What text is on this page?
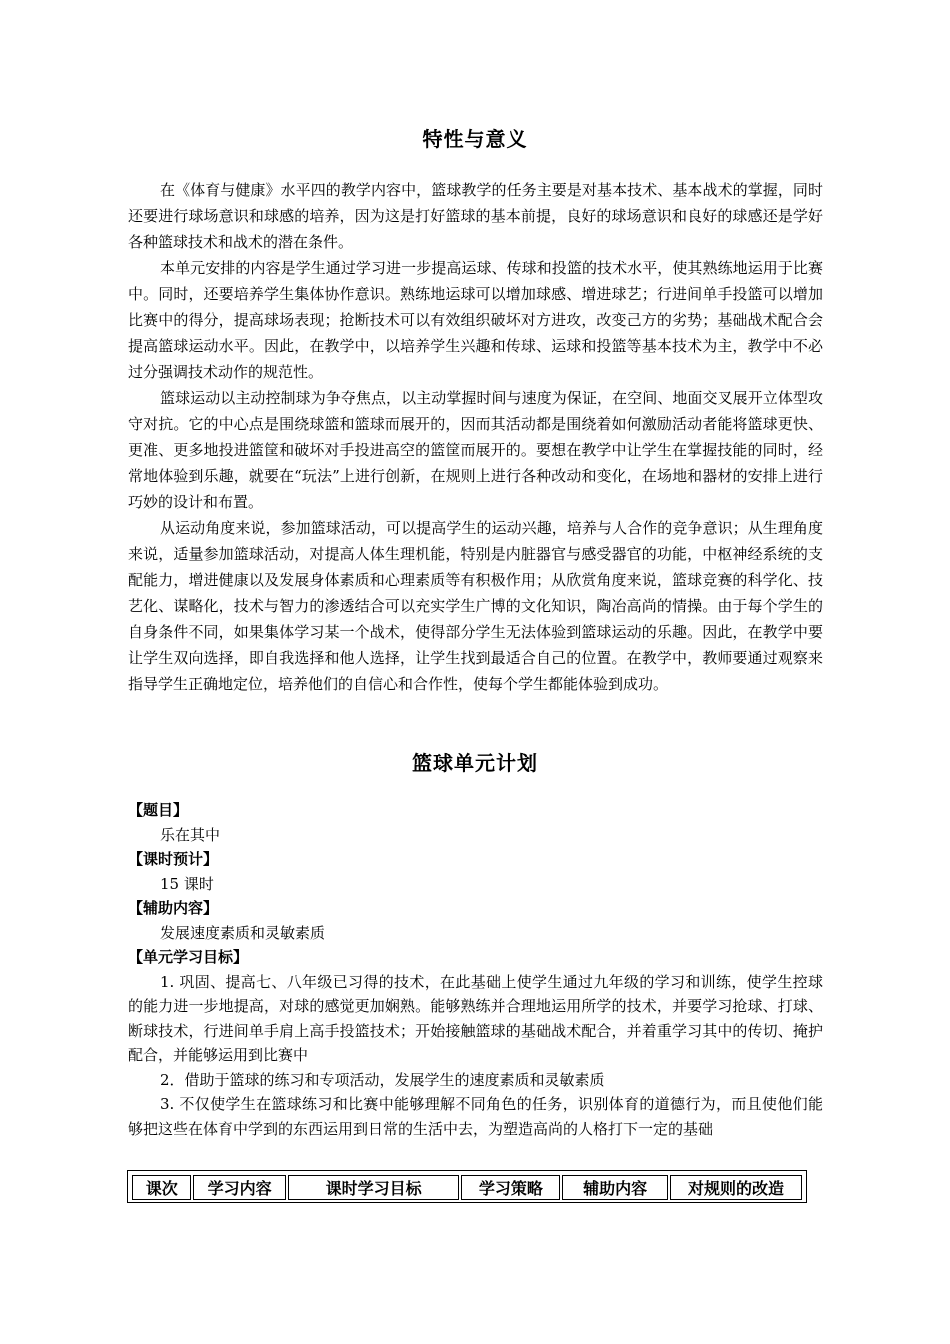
特性与意义

在《体育与健康》水平四的教学内容中，篮球教学的任务主要是对基本技术、基本战术的掌握，同时还要进行球场意识和球感的培养，因为这是打好篮球的基本前提，良好的球场意识和良好的球感还是学好各种篮球技术和战术的潜在条件。

本单元安排的内容是学生通过学习进一步提高运球、传球和投篮的技术水平，使其熟练地运用于比赛中。同时，还要培养学生集体协作意识。熟练地运球可以增加球感、增进球艺；行进间单手投篮可以增加比赛中的得分，提高球场表现；抢断技术可以有效组织破坏对方进攻，改变己方的劣势；基础战术配合会提高篮球运动水平。因此，在教学中，以培养学生兴趣和传球、运球和投篮等基本技术为主，教学中不必过分强调技术动作的规范性。

篮球运动以主动控制球为争夺焦点，以主动掌握时间与速度为保证，在空间、地面交叉展开立体型攻守对抗。它的中心点是围绕球篮和篮球而展开的，因而其活动都是围绕着如何激励活动者能将篮球更快、更准、更多地投进篮筐和破坏对手投进高空的篮筐而展开的。要想在教学中让学生在掌握技能的同时，经常地体验到乐趣，就要在“玩法”上进行创新，在规则上进行各种改动和变化，在场地和器材的安排上进行巧妙的设计和布置。

从运动角度来说，参加篮球活动，可以提高学生的运动兴趣，培养与人合作的竞争意识；从生理角度来说，适量参加篮球活动，对提高人体生理机能，特别是内脏器官与感受器官的功能，中枢神经系统的支配能力，增进健康以及发展身体素质和心理素质等有积极作用；从欣赏角度来说，篮球竞赛的科学化、技艺化、谋略化，技术与智力的渗透结合可以充实学生广博的文化知识，陶冶高尚的情操。由于每个学生的自身条件不同，如果集体学习某一个战术，使得部分学生无法体验到篮球运动的乐趣。因此，在教学中要让学生双向选择，即自我选择和他人选择，让学生找到最适合自己的位置。在教学中，教师要通过观察来指导学生正确地定位，培养他们的自信心和合作性，使每个学生都能体验到成功。

篮球单元计划

【题目】

乐在其中

【课时预计】

15 课时

【辅助内容】

发展速度素质和灵敏素质

【单元学习目标】

1. 巩固、提高七、八年级已习得的技术，在此基础上使学生通过九年级的学习和训练，使学生控球的能力进一步地提高，对球的感觉更加娴熟。能够熟练并合理地运用所学的技术，并要学习抢球、打球、断球技术，行进间单手肩上高手投篮技术；开始接触篮球的基础战术配合，并着重学习其中的传切、掩护配合，并能够运用到比赛中

2．借助于篮球的练习和专项活动，发展学生的速度素质和灵敏素质

3. 不仅使学生在篮球练习和比赛中能够理解不同角色的任务，识别体育的道德行为，而且使他们能够把这些在体育中学到的东西运用到日常的生活中去，为塑造高尚的人格打下一定的基础

课次	学习内容	课时学习目标	学习策略	辅助内容	对规则的改造
